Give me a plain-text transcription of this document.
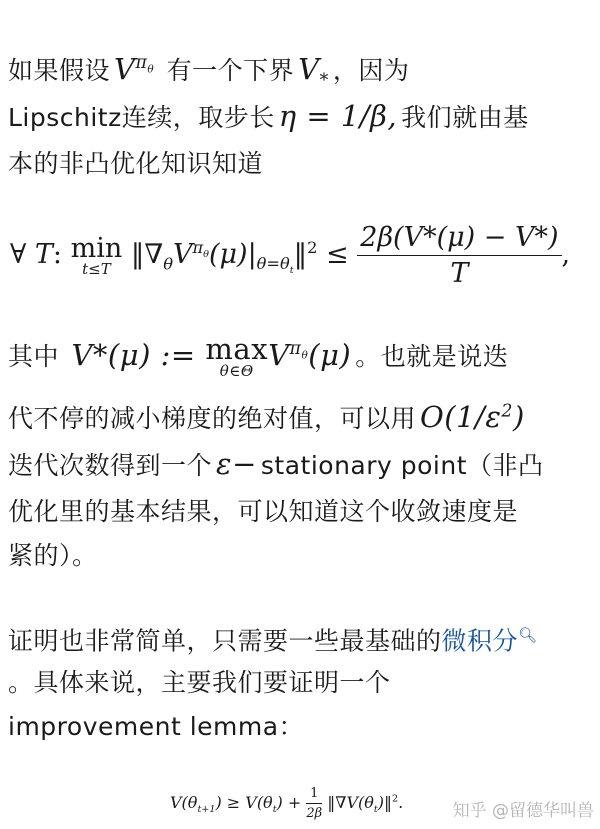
如果假设 $V^{\pi_\theta}$ 有一个下界 $V_*$ ，因为
Lipschitz连续，取步长 η = 1/β, 我们就由基
本的非凸优化知识知道
∀ T: min
t≤T $‖\nabla_\theta V^{\pi_\theta}(\mu)|_{\theta=\theta_t}‖^2 \le \frac{2\beta(V*(\mu) - V*)}{T}$ ,
其中 V*(μ) := max
θ∈Θ $V^{\pi_\theta}(\mu)$ 。也就是说迭
代不停的减小梯度的绝对值，可以用 $O(1/\varepsilon^2)$
迭代次数得到一个 ε− stationary point（非凸
优化里的基本结果，可以知道这个收敛速度是
紧的）。
证明也非常简单，只需要一些最基础的微积分🔍︎
。具体来说，主要我们要证明一个
improvement lemma：
$V(\theta_{t+1}) \ge V(\theta_t) + \frac{1}{2\beta}$ $‖\nabla V(\theta_t)‖^2$.	知乎 @留德华叫兽
